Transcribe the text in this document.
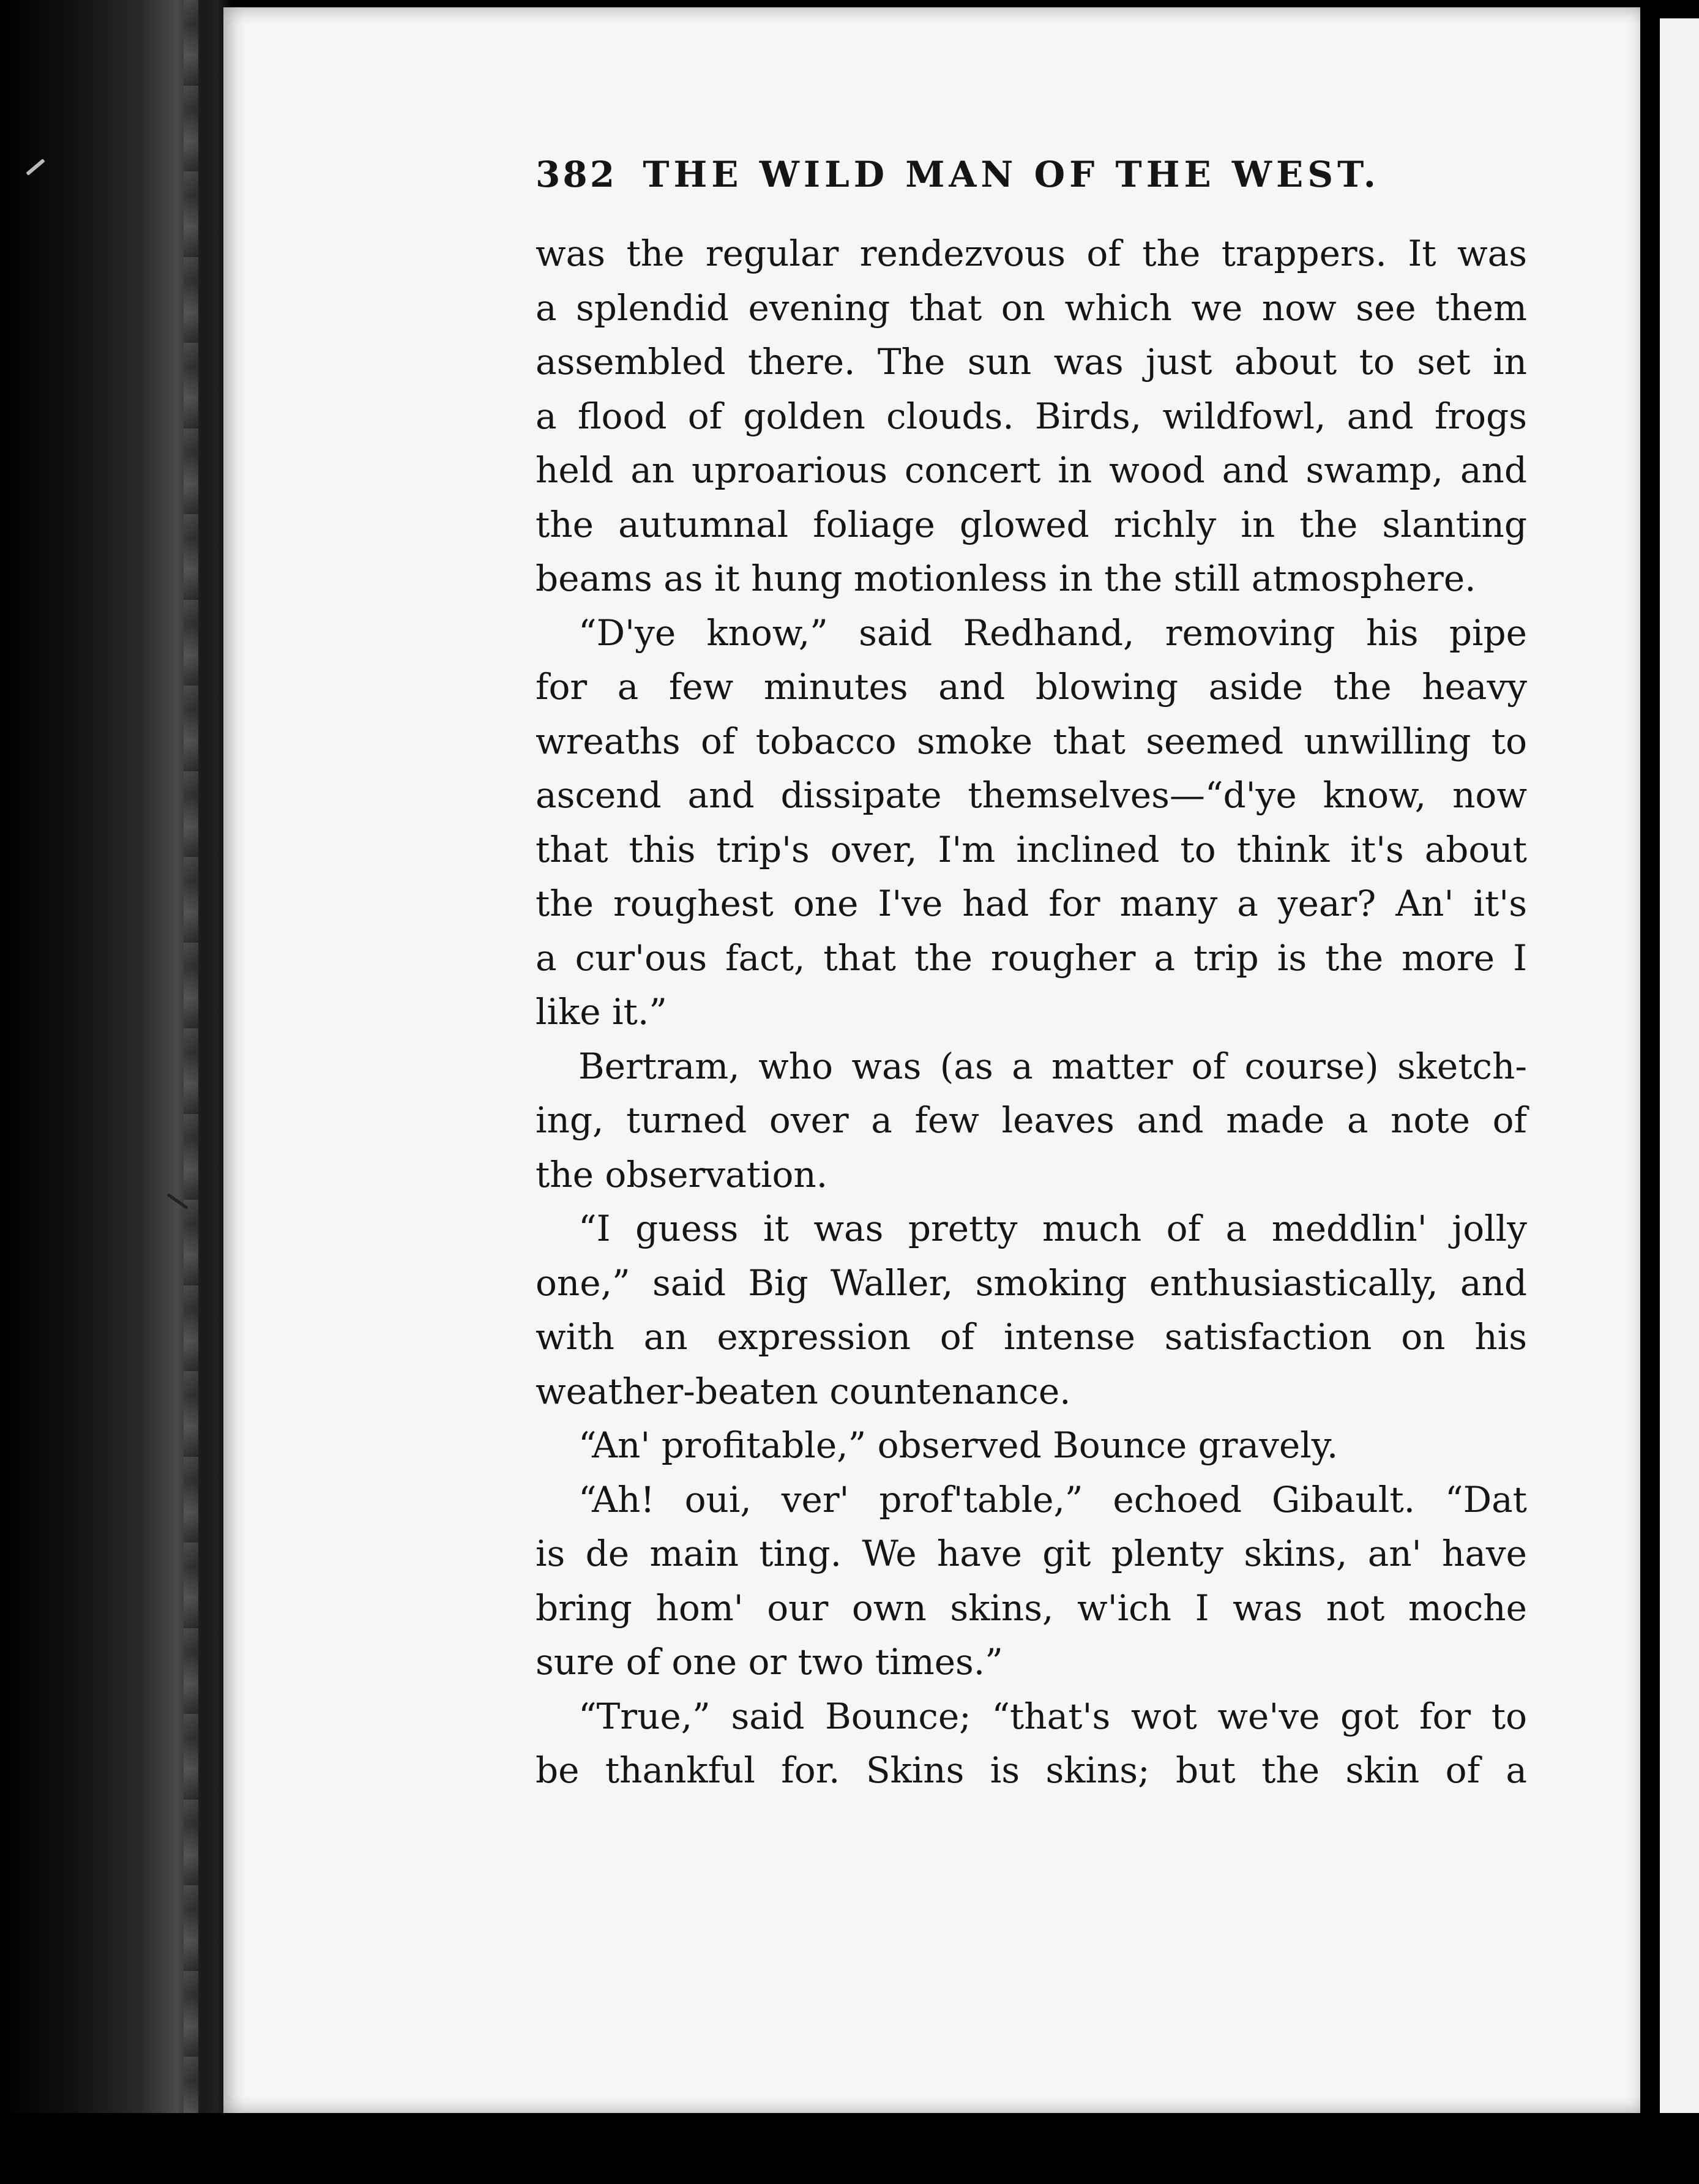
382 THE WILD MAN OF THE WEST.
was the regular rendezvous of the trappers. It was
a splendid evening that on which we now see them
assembled there. The sun was just about to set in
a flood of golden clouds. Birds, wildfowl, and frogs
held an uproarious concert in wood and swamp, and
the autumnal foliage glowed richly in the slanting
beams as it hung motionless in the still atmosphere.
“D'ye know,” said Redhand, removing his pipe
for a few minutes and blowing aside the heavy
wreaths of tobacco smoke that seemed unwilling to
ascend and dissipate themselves—“d'ye know, now
that this trip's over, I'm inclined to think it's about
the roughest one I've had for many a year? An' it's
a cur'ous fact, that the rougher a trip is the more I
like it.”
Bertram, who was (as a matter of course) sketch-
ing, turned over a few leaves and made a note of
the observation.
“I guess it was pretty much of a meddlin' jolly
one,” said Big Waller, smoking enthusiastically, and
with an expression of intense satisfaction on his
weather-beaten countenance.
“An' profitable,” observed Bounce gravely.
“Ah! oui, ver' prof'table,” echoed Gibault. “Dat
is de main ting. We have git plenty skins, an' have
bring hom' our own skins, w'ich I was not moche
sure of one or two times.”
“True,” said Bounce; “that's wot we've got for to
be thankful for. Skins is skins; but the skin of a
